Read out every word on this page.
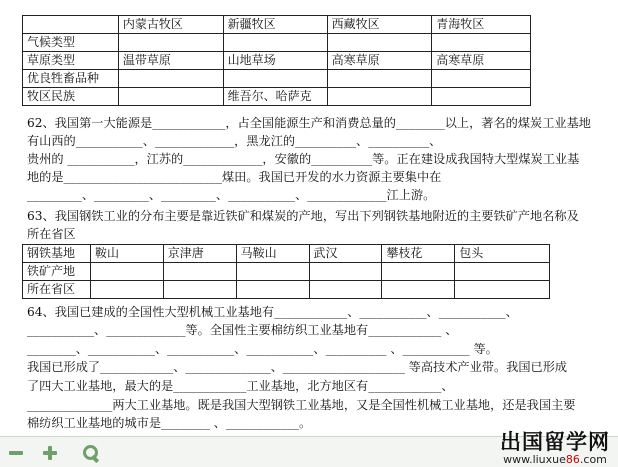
	内蒙古牧区	新疆牧区	西藏牧区	青海牧区
气候类型				
草原类型	温带草原	山地草场	高寒草原	高寒草原
优良牲畜品种				
牧区民族		维吾尔、哈萨克		
62、我国第一大能源是____________，占全国能源生产和消费总量的________以上，著名的煤炭工业基地
有山西的___________、_____________，黑龙江的__________、__________、
贵州的 ___________，江苏的_____________，安徽的__________等。正在建设成我国特大型煤炭工业基
地的是__________________________煤田。我国已开发的水力资源主要集中在
_________、_________、_________、___________、_____________江上游。
63、我国钢铁工业的分布主要是靠近铁矿和煤炭的产地，写出下列钢铁基地附近的主要铁矿产地名称及
所在省区
钢铁基地	鞍山	京津唐	马鞍山	武汉	攀枝花	包头
铁矿产地						
所在省区						
64、我国已建成的全国性大型机械工业基地有____________、___________、___________、
___________、_____________等。全国性主要棉纺织工业基地有____________ 、
________、___________、___________、___________、__________ 、___________ 等。
我国已形成了____________、______________、____________________ 等高技术产业带。我国已形成
了四大工业基地，最大的是____________工业基地，北方地区有____________、
______________两大工业基地。既是我国大型钢铁工业基地，又是全国性机械工业基地，还是我国主要
棉纺织工业基地的城市是________ 、____________。
出国留学网
www.liuxue86.com
